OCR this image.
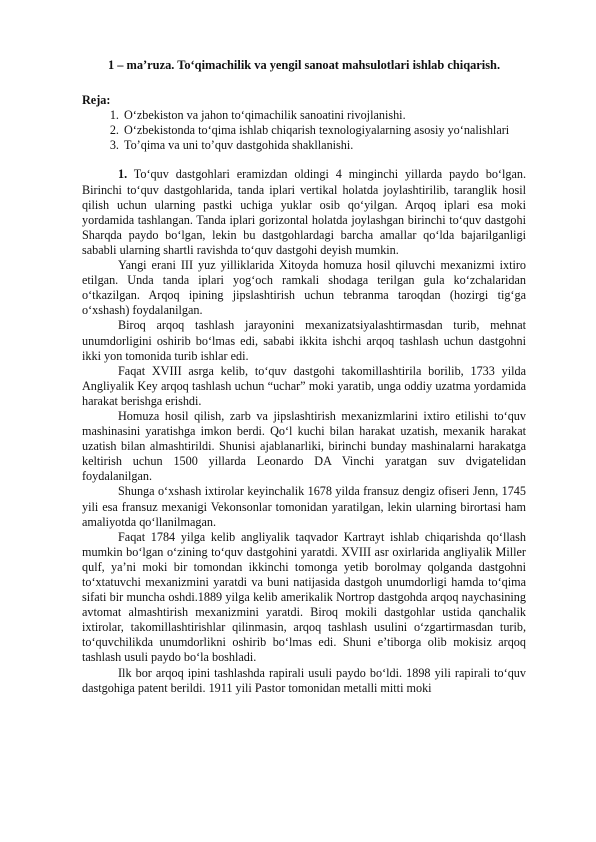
1 – ma’ruza. To‘qimachilik va yengil sanoat mahsulotlari ishlab chiqarish.

Reja:

1. O‘zbekiston va jahon to‘qimachilik sanoatini rivojlanishi.
2. O‘zbekistonda to‘qima ishlab chiqarish texnologiyalarning asosiy yo‘nalishlari
3. To’qima va uni to’quv dastgohida shakllanishi.

1. To‘quv dastgohlari eramizdan oldingi 4 minginchi yillarda paydo bo‘lgan. Birinchi to‘quv dastgohlarida, tanda iplari vertikal holatda joylashtirilib, taranglik hosil qilish uchun ularning pastki uchiga yuklar osib qo‘yilgan. Arqoq iplari esa moki yordamida tashlangan. Tanda iplari gorizontal holatda joylashgan birinchi to‘quv dastgohi Sharqda paydo bo‘lgan, lekin bu dastgohlardagi barcha amallar qo‘lda bajarilganligi sababli ularning shartli ravishda to‘quv dastgohi deyish mumkin.

Yangi erani III yuz yilliklarida Xitoyda homuza hosil qiluvchi mexanizmi ixtiro etilgan. Unda tanda iplari yog‘och ramkali shodaga terilgan gula ko‘zchalaridan o‘tkazilgan. Arqoq ipining jipslashtirish uchun tebranma taroqdan (hozirgi tig‘ga o‘xshash) foydalanilgan.

Biroq arqoq tashlash jarayonini mexanizatsiyalashtirmasdan turib, mehnat unumdorligini oshirib bo‘lmas edi, sababi ikkita ishchi arqoq tashlash uchun dastgohni ikki yon tomonida turib ishlar edi.

Faqat XVIII asrga kelib, to‘quv dastgohi takomillashtirila borilib, 1733 yilda Angliyalik Key arqoq tashlash uchun “uchar” moki yaratib, unga oddiy uzatma yordamida harakat berishga erishdi.

Homuza hosil qilish, zarb va jipslashtirish mexanizmlarini ixtiro etilishi to‘quv mashinasini yaratishga imkon berdi. Qo‘l kuchi bilan harakat uzatish, mexanik harakat uzatish bilan almashtirildi. Shunisi ajablanarliki, birinchi bunday mashinalarni harakatga keltirish uchun 1500 yillarda Leonardo DA Vinchi yaratgan suv dvigatelidan foydalanilgan.

Shunga o‘xshash ixtirolar keyinchalik 1678 yilda fransuz dengiz ofiseri Jenn, 1745 yili esa fransuz mexanigi Vekonsonlar tomonidan yaratilgan, lekin ularning birortasi ham amaliyotda qo‘llanilmagan.

Faqat 1784 yilga kelib angliyalik taqvador Kartrayt ishlab chiqarishda qo‘llash mumkin bo‘lgan o‘zining to‘quv dastgohini yaratdi. XVIII asr oxirlarida angliyalik Miller qulf, ya’ni moki bir tomondan ikkinchi tomonga yetib borolmay qolganda dastgohni to‘xtatuvchi mexanizmini yaratdi va buni natijasida dastgoh unumdorligi hamda to‘qima sifati bir muncha oshdi.1889 yilga kelib amerikalik Nortrop dastgohda arqoq naychasining avtomat almashtirish mexanizmini yaratdi. Biroq mokili dastgohlar ustida qanchalik ixtirolar, takomillashtirishlar qilinmasin, arqoq tashlash usulini o‘zgartirmasdan turib, to‘quvchilikda unumdorlikni oshirib bo‘lmas edi. Shuni e’tiborga olib mokisiz arqoq tashlash usuli paydo bo‘la boshladi.

Ilk bor arqoq ipini tashlashda rapirali usuli paydo bo‘ldi. 1898 yili rapirali to‘quv dastgohiga patent berildi. 1911 yili Pastor tomonidan metalli mitti moki
